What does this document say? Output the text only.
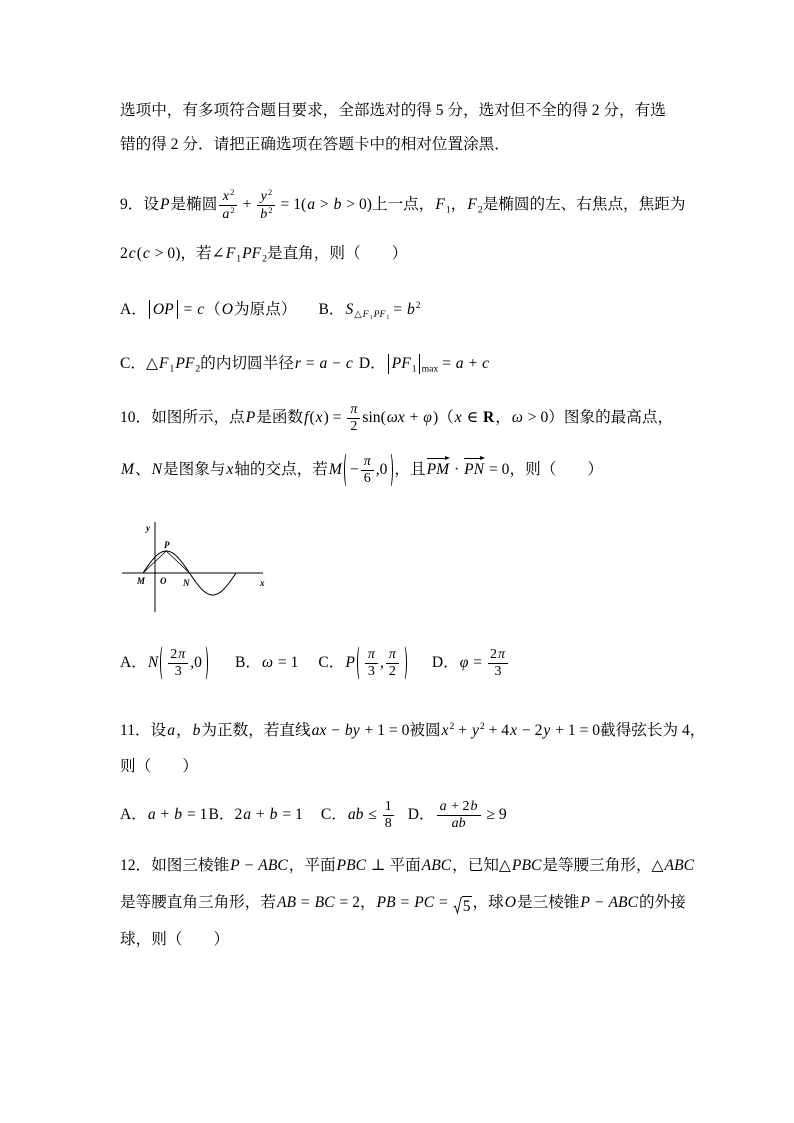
选项中，有多项符合题目要求，全部选对的得 5 分，选对但不全的得 2 分，有选
错的得 2 分．请把正确选项在答题卡中的相对位置涂黑．
9．设P是椭圆 $\frac{x^2}{a^2} + \frac{y^2}{b^2} = 1(a > b > 0)$上一点，$F_1$，$F_2$是椭圆的左、右焦点，焦距为
2c(c > 0)，若$\angle F_1PF_2$是直角，则（　　）
A． OP = c（O为原点） B．$S_{\triangle F_1PF_1} = b^2$
C．$\triangle F_1PF_2$的内切圆半径r = a − c D． $PF_1$ $_{max}$ = a + c
10．如图所示，点P是函数$f(x) = \frac{\pi}{2} \sin(\omega x + \varphi)(x$ ∈ R，ω > 0）图象的最高点，
M、N是图象与x轴的交点，若$M - \frac{\pi}{6} ,0$ ，且PM · PN = 0，则（　　）
y
x
P
M O N
A．N $\frac{2\pi}{3} ,0$ B．ω = 1 C．P $\frac{\pi}{3}$ , $\frac{\pi}{2}$ D．$\varphi = \frac{2\pi}{3}$
11．设a，b为正数，若直线ax − by + 1 = 0被圆$x^2 + y^2 + 4x - 2y + 1 = 0$截得弦长为 4，
则（　　）
A．a + b = 1B．2a + b = 1 C．ab ≤ $\frac{1}{8}$ D． $\frac{a + 2b}{ab} \ge 9$
12．如图三棱锥P − ABC，平面PBC ⊥ 平面ABC，已知△PBC是等腰三角形，△ABC
是等腰直角三角形，若AB = BC = 2，PB = PC = 5 ，球O是三棱锥P − ABC的外接
球，则（　　）
